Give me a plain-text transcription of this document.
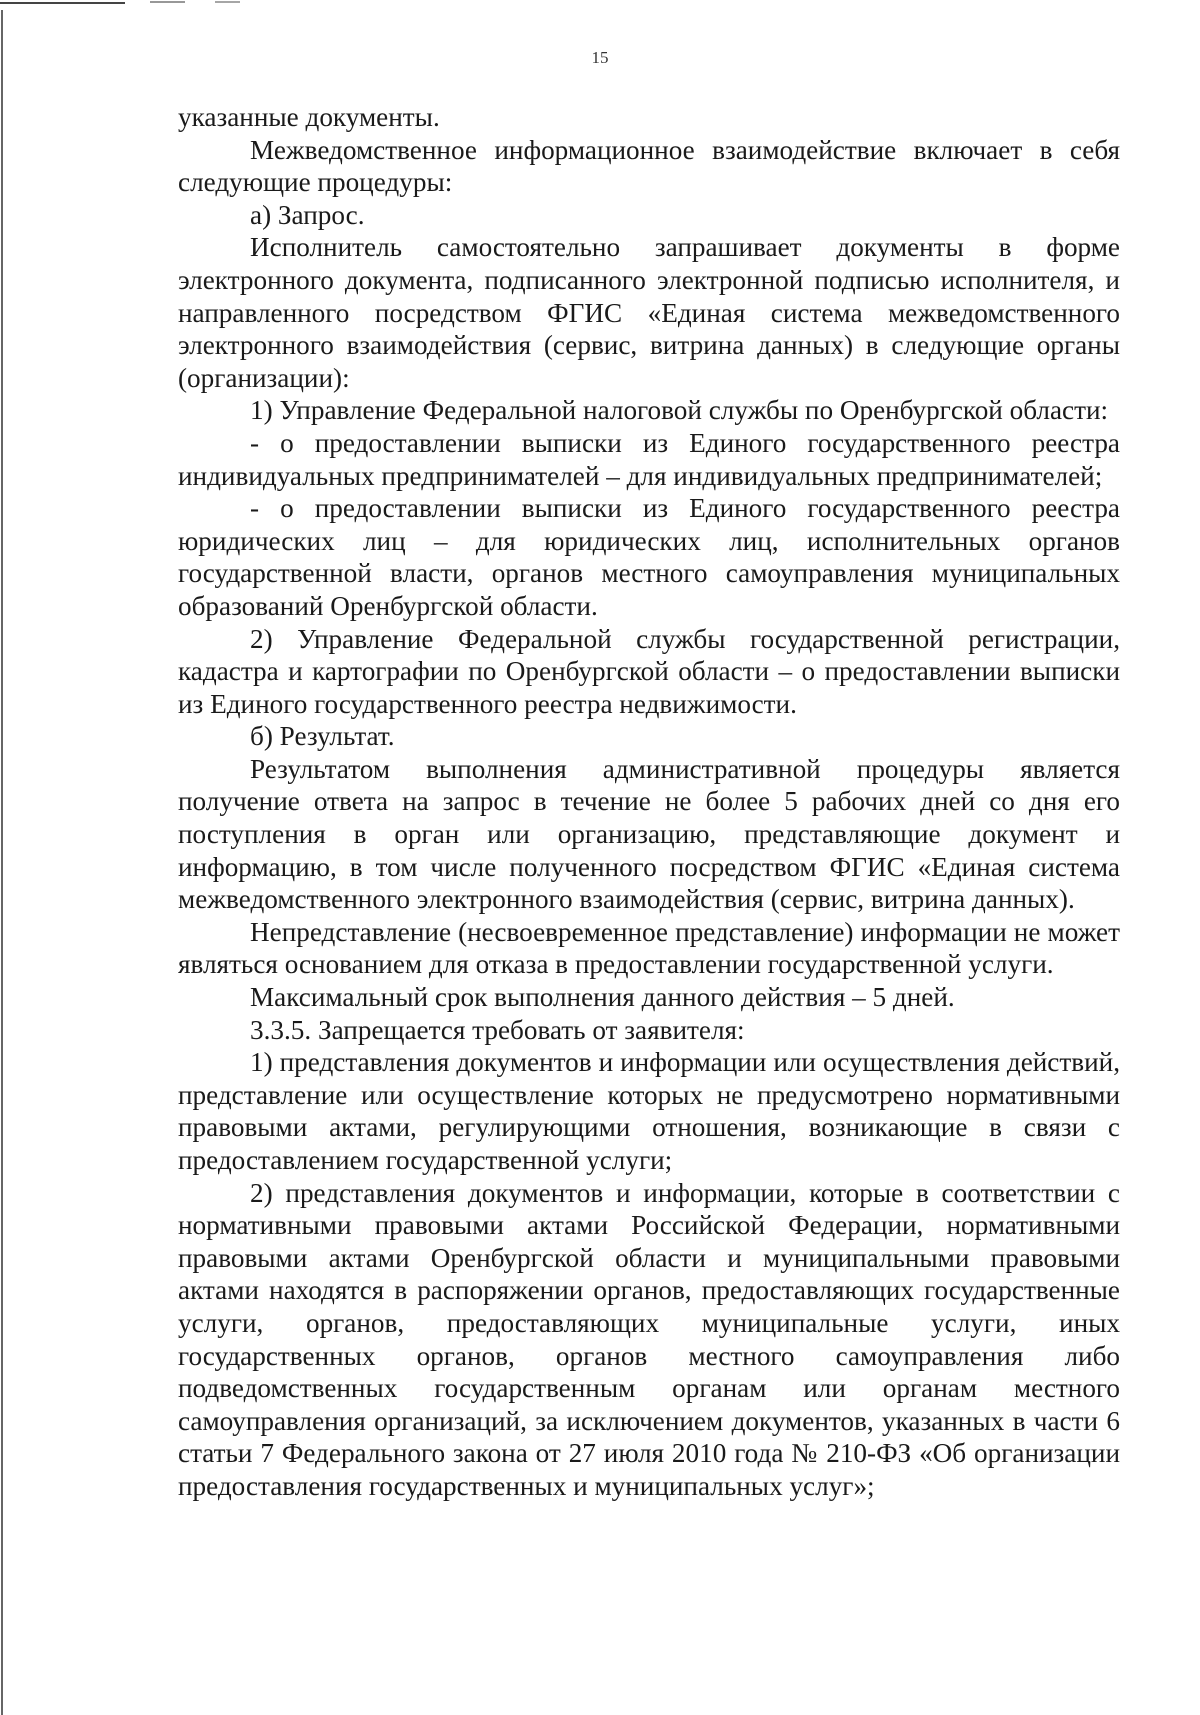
15

указанные документы.

Межведомственное информационное взаимодействие включает в себя следующие процедуры:

а) Запрос.

Исполнитель самостоятельно запрашивает документы в форме электронного документа, подписанного электронной подписью исполнителя, и направленного посредством ФГИС «Единая система межведомственного электронного взаимодействия (сервис, витрина данных) в следующие органы (организации):

1) Управление Федеральной налоговой службы по Оренбургской области:

- о предоставлении выписки из Единого государственного реестра индивидуальных предпринимателей – для индивидуальных предпринимателей;

- о предоставлении выписки из Единого государственного реестра юридических лиц – для юридических лиц, исполнительных органов государственной власти, органов местного самоуправления муниципальных образований Оренбургской области.

2) Управление Федеральной службы государственной регистрации, кадастра и картографии по Оренбургской области – о предоставлении выписки из Единого государственного реестра недвижимости.

б) Результат.

Результатом выполнения административной процедуры является получение ответа на запрос в течение не более 5 рабочих дней со дня его поступления в орган или организацию, представляющие документ и информацию, в том числе полученного посредством ФГИС «Единая система межведомственного электронного взаимодействия (сервис, витрина данных).

Непредставление (несвоевременное представление) информации не может являться основанием для отказа в предоставлении государственной услуги.

Максимальный срок выполнения данного действия – 5 дней.

3.3.5. Запрещается требовать от заявителя:

1) представления документов и информации или осуществления действий, представление или осуществление которых не предусмотрено нормативными правовыми актами, регулирующими отношения, возникающие в связи с предоставлением государственной услуги;

2) представления документов и информации, которые в соответствии с нормативными правовыми актами Российской Федерации, нормативными правовыми актами Оренбургской области и муниципальными правовыми актами находятся в распоряжении органов, предоставляющих государственные услуги, органов, предоставляющих муниципальные услуги, иных государственных органов, органов местного самоуправления либо подведомственных государственным органам или органам местного самоуправления организаций, за исключением документов, указанных в части 6 статьи 7 Федерального закона от 27 июля 2010 года № 210-ФЗ «Об организации предоставления государственных и муниципальных услуг»;
